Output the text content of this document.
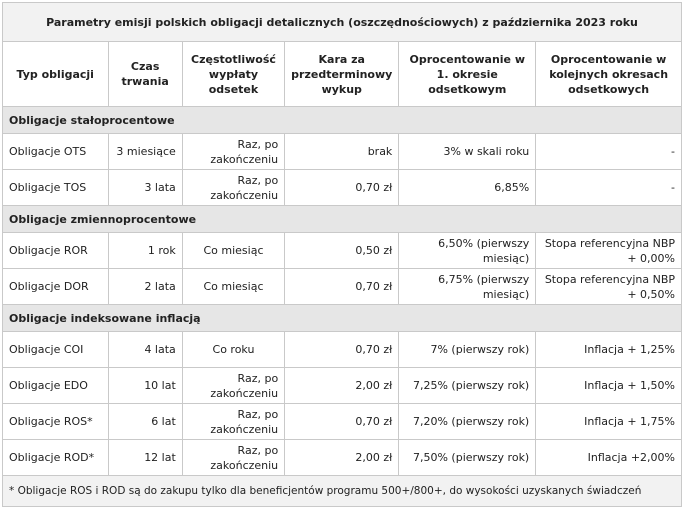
Parametry emisji polskich obligacji detalicznych (oszczędnościowych) z października 2023 roku					
Typ obligacji	Czas trwania	Częstotliwość wypłaty odsetek	Kara za przedterminowy wykup	Oprocentowanie w 1. okresie odsetkowym	Oprocentowanie w kolejnych okresach odsetkowych
Obligacje stałoprocentowe					
Obligacje OTS	3 miesiące	Raz, po zakończeniu	brak	3% w skali roku	-
Obligacje TOS	3 lata	Raz, po zakończeniu	0,70 zł	6,85%	-
Obligacje zmiennoprocentowe					
Obligacje ROR	1 rok	Co miesiąc	0,50 zł	6,50% (pierwszy miesiąc)	Stopa referencyjna NBP + 0,00%
Obligacje DOR	2 lata	Co miesiąc	0,70 zł	6,75% (pierwszy miesiąc)	Stopa referencyjna NBP + 0,50%
Obligacje indeksowane inflacją					
Obligacje COI	4 lata	Co roku	0,70 zł	7% (pierwszy rok)	Inflacja + 1,25%
Obligacje EDO	10 lat	Raz, po zakończeniu	2,00 zł	7,25% (pierwszy rok)	Inflacja + 1,50%
Obligacje ROS*	6 lat	Raz, po zakończeniu	0,70 zł	7,20% (pierwszy rok)	Inflacja + 1,75%
Obligacje ROD*	12 lat	Raz, po zakończeniu	2,00 zł	7,50% (pierwszy rok)	Inflacja +2,00%
* Obligacje ROS i ROD są do zakupu tylko dla beneficjentów programu 500+/800+, do wysokości uzyskanych świadczeń					
